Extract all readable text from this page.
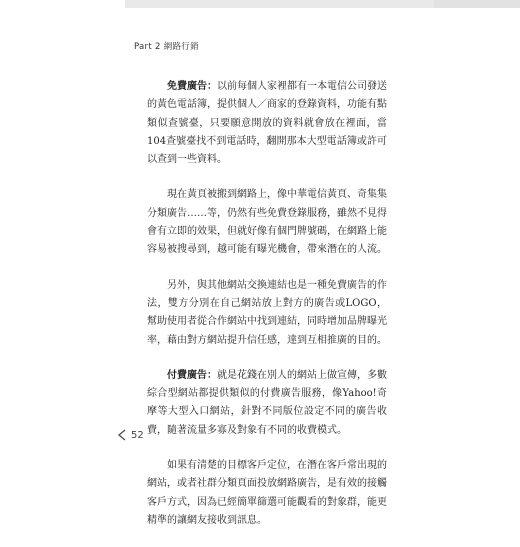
Part 2 網路行銷

免費廣告：以前每個人家裡都有一本電信公司發送的黃色電話簿，提供個人／商家的登錄資料，功能有點類似查號臺，只要願意開放的資料就會放在裡面，當104查號臺找不到電話時，翻開那本大型電話簿或許可以查到一些資料。

現在黃頁被搬到網路上，像中華電信黃頁、奇集集分類廣告……等，仍然有些免費登錄服務，雖然不見得會有立即的效果，但就好像有個門牌號碼，在網路上能容易被搜尋到，越可能有曝光機會，帶來潛在的人流。

另外，與其他網站交換連結也是一種免費廣告的作法，雙方分別在自己網站放上對方的廣告或LOGO，幫助使用者從合作網站中找到連結，同時增加品牌曝光率，藉由對方網站提升信任感，達到互相推廣的目的。

付費廣告：就是花錢在別人的網站上做宣傳，多數綜合型網站都提供類似的付費廣告服務，像Yahoo!奇摩等大型入口網站，針對不同版位設定不同的廣告收費，隨著流量多寡及對象有不同的收費模式。

如果有清楚的目標客戶定位，在潛在客戶常出現的網站，或者社群分類頁面投放網路廣告，是有效的接觸客戶方式，因為已經簡單篩選可能觀看的對象群，能更精準的讓網友接收到訊息。

52
